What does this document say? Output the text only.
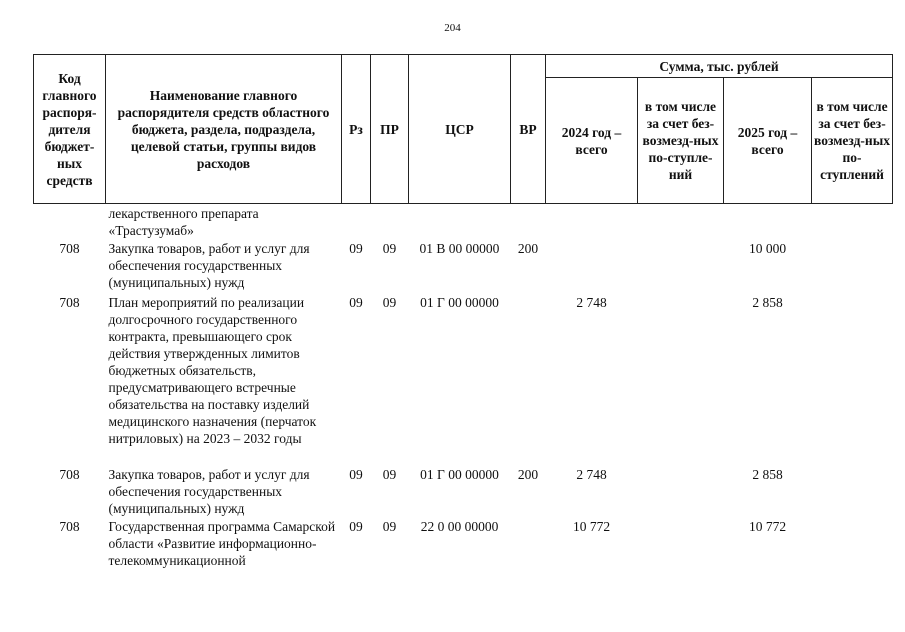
204
Код главного распоря-дителя бюджет-ных средств	Наименование главного распорядителя средств областного бюджета, раздела, подраздела, целевой статьи, группы видов расходов	Рз	ПР	ЦСР	ВР	Сумма, тыс. рублей			
						2024 год – всего	в том числе за счет без-возмезд-ных по-ступле-ний	2025 год – всего	в том числе за счет без-возмезд-ных по-ступлений
	лекарственного препарата «Трастузумаб»								
708	Закупка товаров, работ и услуг для обеспечения государственных (муниципальных) нужд	09	09	01 В 00 00000	200			10 000	
708	План мероприятий по реализации долгосрочного государственного контракта, превышающего срок действия утвержденных лимитов бюджетных обязательств, предусматривающего встречные обязательства на поставку изделий медицинского назначения (перчаток нитриловых) на 2023 – 2032 годы	09	09	01 Г 00 00000		2 748		2 858	
708	Закупка товаров, работ и услуг для обеспечения государственных (муниципальных) нужд	09	09	01 Г 00 00000	200	2 748		2 858	
708	Государственная программа Самарской области «Развитие информационно-телекоммуникационной	09	09	22 0 00 00000		10 772		10 772	
